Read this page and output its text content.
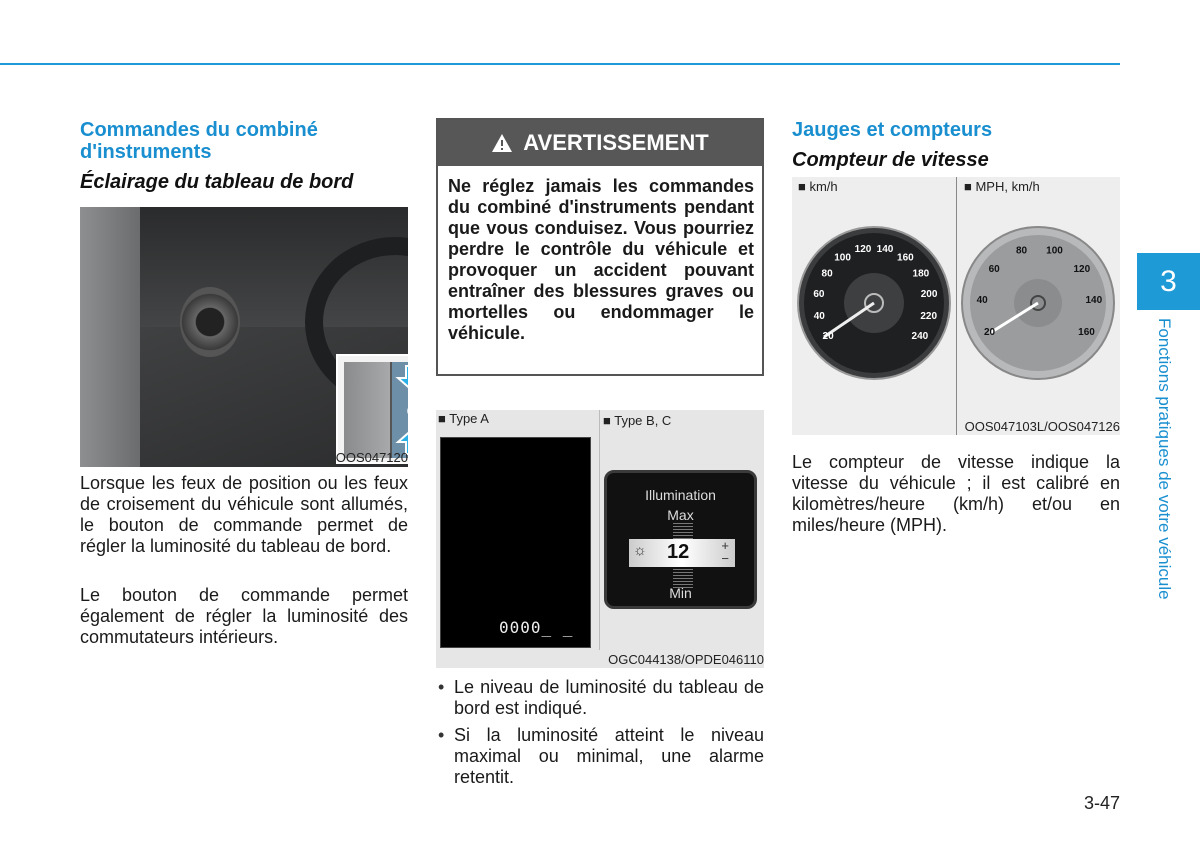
Commandes du combiné d'instruments
Éclairage du tableau de bord
OOS047120
Lorsque les feux de position ou les feux de croisement du véhicule sont allumés, le bouton de commande permet de régler la luminosité du tableau de bord.
Le bouton de commande permet également de régler la luminosité des commutateurs intérieurs.
AVERTISSEMENT
Ne réglez jamais les commandes du combiné d'instruments pendant que vous conduisez. Vous pourriez perdre le contrôle du véhicule et provoquer un accident pouvant entraîner des blessures graves ou mortelles ou endommager le véhicule.
■ Type A	■ Type B, C
0000_ _
Illumination
Max
☼ 12 +
−
Min
OGC044138/OPDE046110
• Le niveau de luminosité du tableau de bord est indiqué.
• Si la luminosité atteint le niveau maximal ou minimal, une alarme retentit.
Jauges et compteurs
Compteur de vitesse
■ km/h	■ MPH, km/h
20
40
60
80
100
120 140
160
180
200
220
240	20
40
60
80 100
120
140
160
OOS047103L/OOS047126
Le compteur de vitesse indique la vitesse du véhicule ; il est calibré en kilomètres/heure (km/h) et/ou en miles/heure (MPH).
3
Fonctions pratiques de votre véhicule
3-47
